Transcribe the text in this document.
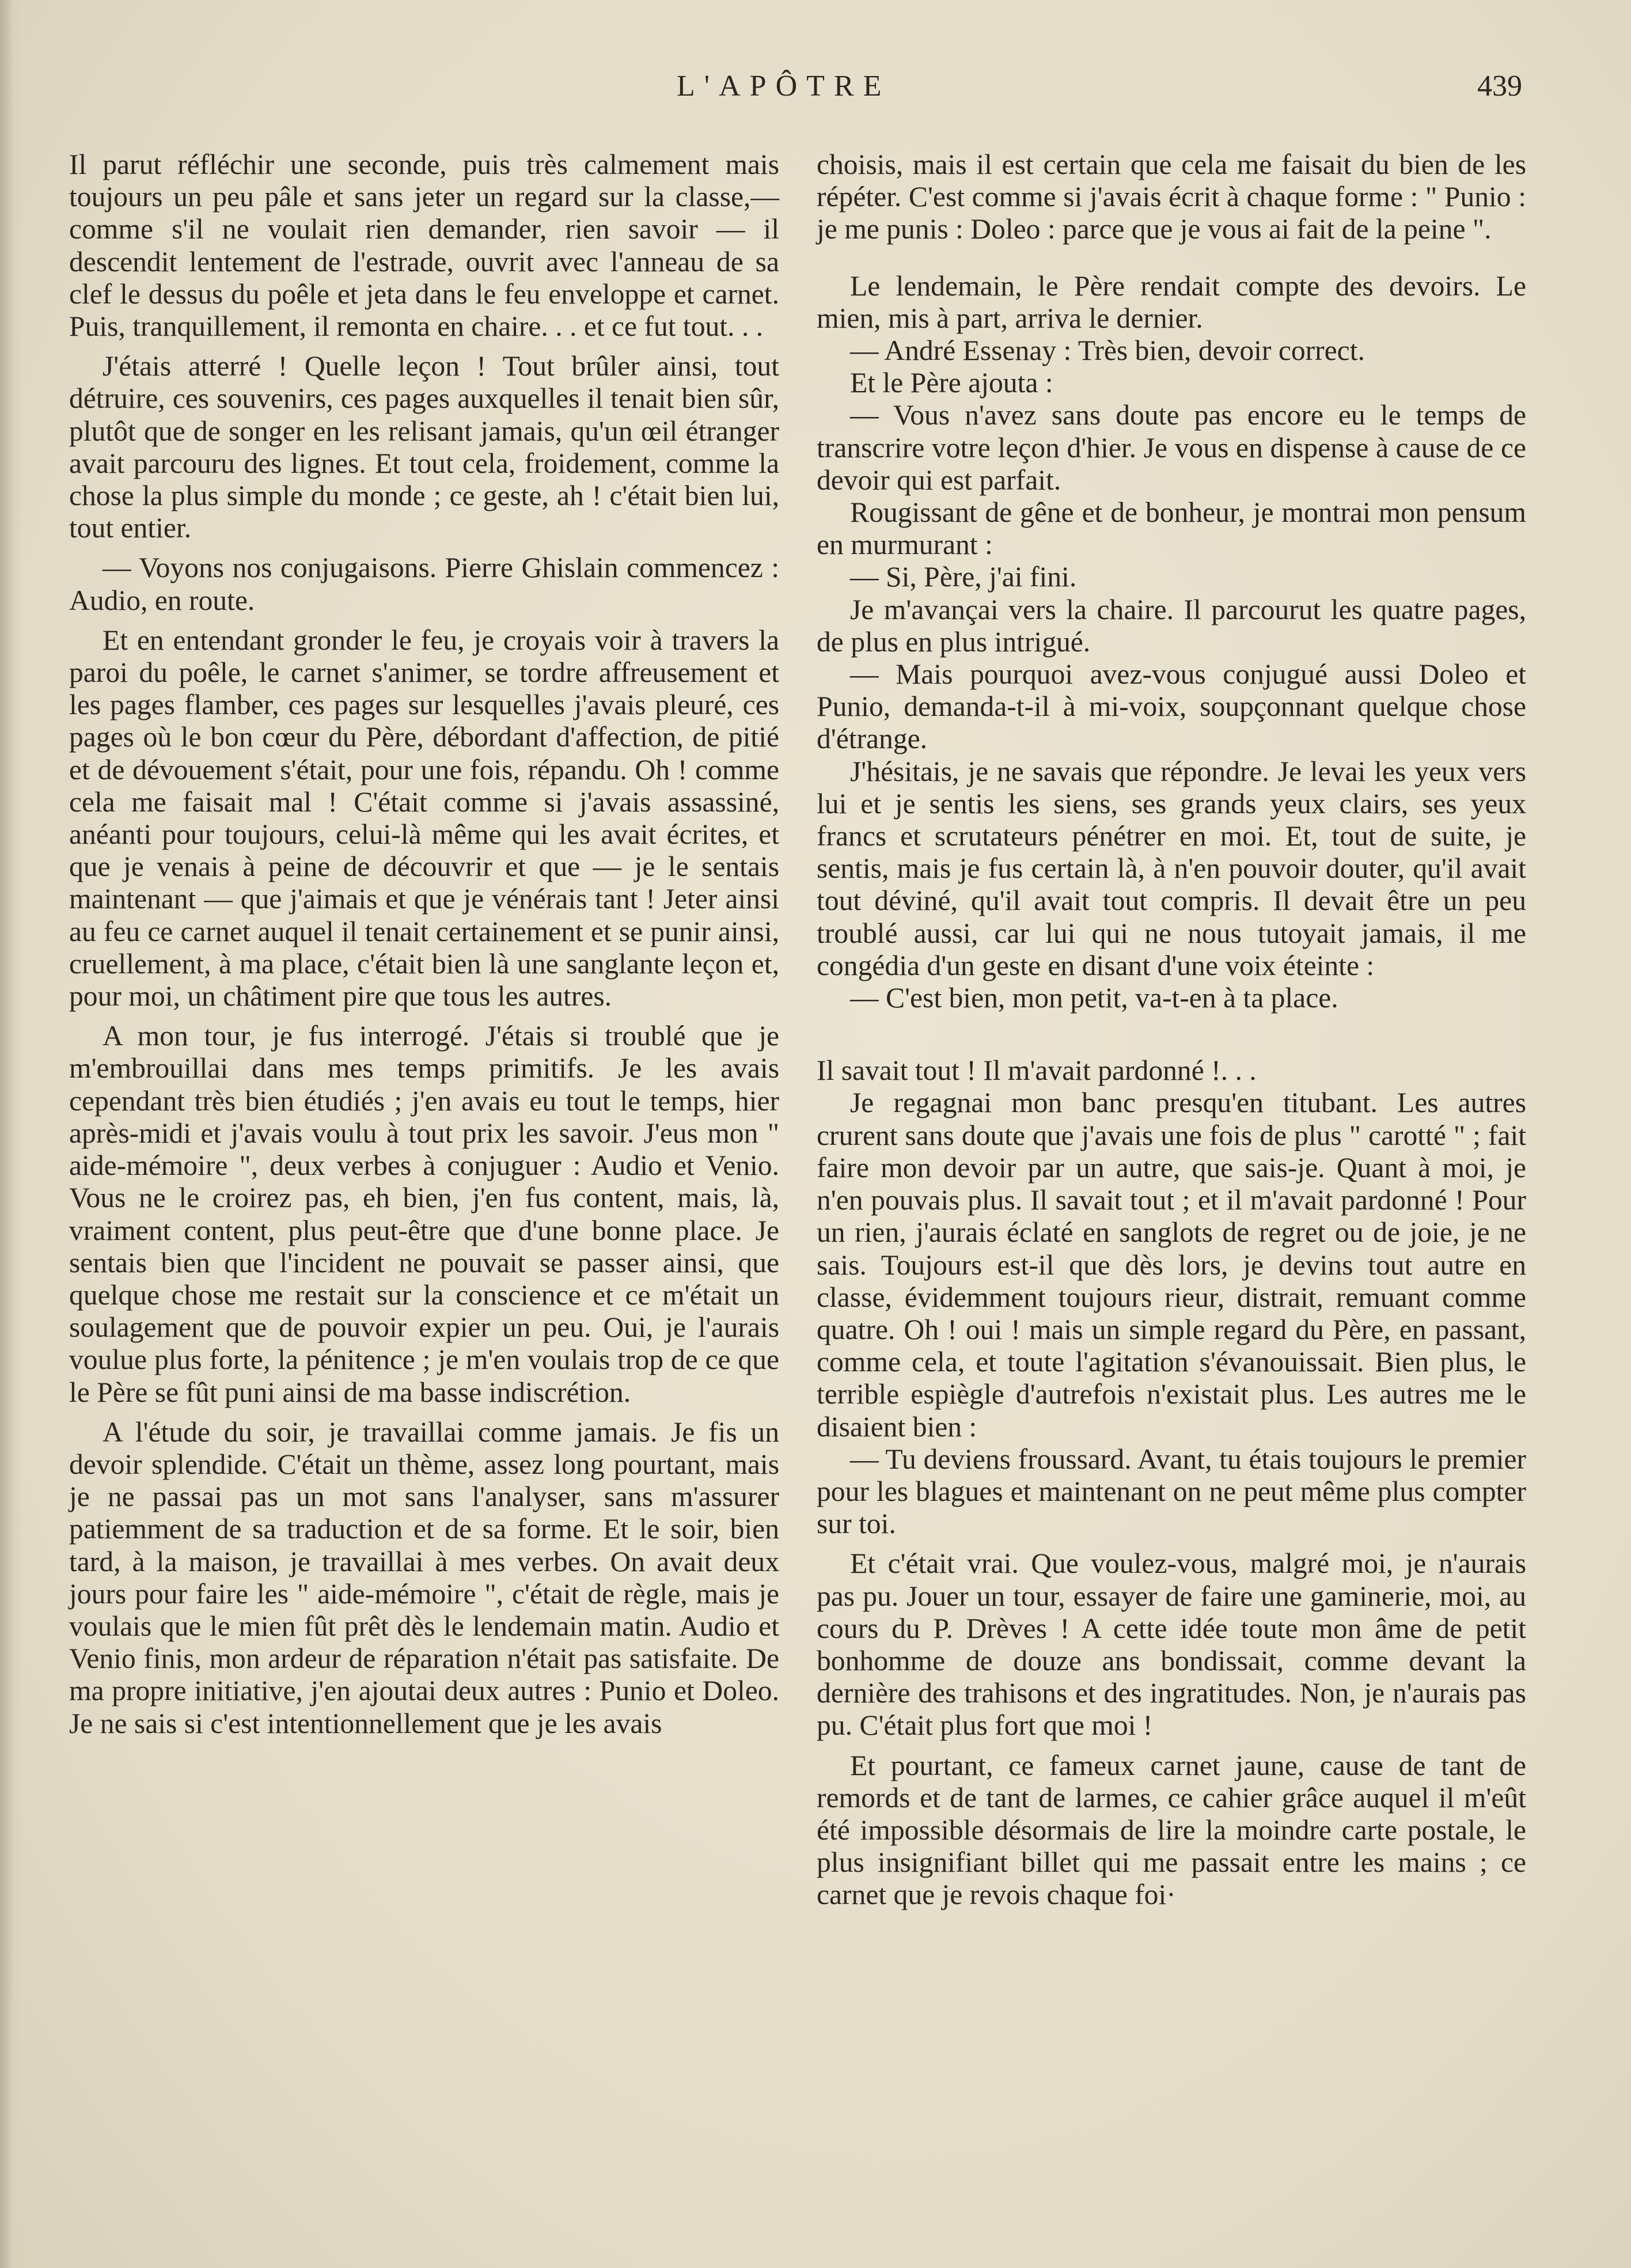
L'APÔTRE	439

Il parut réfléchir une seconde, puis très calmement mais toujours un peu pâle et sans jeter un regard sur la classe,— comme s'il ne voulait rien demander, rien savoir — il descendit lentement de l'estrade, ouvrit avec l'anneau de sa clef le dessus du poêle et jeta dans le feu enveloppe et carnet. Puis, tranquillement, il remonta en chaire. . . et ce fut tout. . .

J'étais atterré ! Quelle leçon ! Tout brûler ainsi, tout détruire, ces souvenirs, ces pages auxquelles il tenait bien sûr, plutôt que de songer en les relisant jamais, qu'un œil étranger avait parcouru des lignes. Et tout cela, froidement, comme la chose la plus simple du monde ; ce geste, ah ! c'était bien lui, tout entier.

— Voyons nos conjugaisons. Pierre Ghislain commencez : Audio, en route.

Et en entendant gronder le feu, je croyais voir à travers la paroi du poêle, le carnet s'animer, se tordre affreusement et les pages flamber, ces pages sur lesquelles j'avais pleuré, ces pages où le bon cœur du Père, débordant d'affection, de pitié et de dévouement s'était, pour une fois, répandu. Oh ! comme cela me faisait mal ! C'était comme si j'avais assassiné, anéanti pour toujours, celui-là même qui les avait écrites, et que je venais à peine de découvrir et que — je le sentais maintenant — que j'aimais et que je vénérais tant ! Jeter ainsi au feu ce carnet auquel il tenait certainement et se punir ainsi, cruellement, à ma place, c'était bien là une sanglante leçon et, pour moi, un châtiment pire que tous les autres.

A mon tour, je fus interrogé. J'étais si troublé que je m'embrouillai dans mes temps primitifs. Je les avais cependant très bien étudiés ; j'en avais eu tout le temps, hier après-midi et j'avais voulu à tout prix les savoir. J'eus mon " aide-mémoire ", deux verbes à conjuguer : Audio et Venio. Vous ne le croirez pas, eh bien, j'en fus content, mais, là, vraiment content, plus peut-être que d'une bonne place. Je sentais bien que l'incident ne pouvait se passer ainsi, que quelque chose me restait sur la conscience et ce m'était un soulagement que de pouvoir expier un peu. Oui, je l'aurais voulue plus forte, la pénitence ; je m'en voulais trop de ce que le Père se fût puni ainsi de ma basse indiscrétion.

A l'étude du soir, je travaillai comme jamais. Je fis un devoir splendide. C'était un thème, assez long pourtant, mais je ne passai pas un mot sans l'analyser, sans m'assurer patiemment de sa traduction et de sa forme. Et le soir, bien tard, à la maison, je travaillai à mes verbes. On avait deux jours pour faire les " aide-mémoire ", c'était de règle, mais je voulais que le mien fût prêt dès le lendemain matin. Audio et Venio finis, mon ardeur de réparation n'était pas satisfaite. De ma propre initiative, j'en ajoutai deux autres : Punio et Doleo. Je ne sais si c'est intentionnellement que je les avais

choisis, mais il est certain que cela me faisait du bien de les répéter. C'est comme si j'avais écrit à chaque forme : " Punio : je me punis : Doleo : parce que je vous ai fait de la peine ".

Le lendemain, le Père rendait compte des devoirs. Le mien, mis à part, arriva le dernier.

— André Essenay : Très bien, devoir correct.

Et le Père ajouta :

— Vous n'avez sans doute pas encore eu le temps de transcrire votre leçon d'hier. Je vous en dispense à cause de ce devoir qui est parfait.

Rougissant de gêne et de bonheur, je montrai mon pensum en murmurant :

— Si, Père, j'ai fini.

Je m'avançai vers la chaire. Il parcourut les quatre pages, de plus en plus intrigué.

— Mais pourquoi avez-vous conjugué aussi Doleo et Punio, demanda-t-il à mi-voix, soupçonnant quelque chose d'étrange.

J'hésitais, je ne savais que répondre. Je levai les yeux vers lui et je sentis les siens, ses grands yeux clairs, ses yeux francs et scrutateurs pénétrer en moi. Et, tout de suite, je sentis, mais je fus certain là, à n'en pouvoir douter, qu'il avait tout déviné, qu'il avait tout compris. Il devait être un peu troublé aussi, car lui qui ne nous tutoyait jamais, il me congédia d'un geste en disant d'une voix éteinte :

— C'est bien, mon petit, va-t-en à ta place.

Il savait tout ! Il m'avait pardonné !. . .

Je regagnai mon banc presqu'en titubant. Les autres crurent sans doute que j'avais une fois de plus " carotté " ; fait faire mon devoir par un autre, que sais-je. Quant à moi, je n'en pouvais plus. Il savait tout ; et il m'avait pardonné ! Pour un rien, j'aurais éclaté en sanglots de regret ou de joie, je ne sais. Toujours est-il que dès lors, je devins tout autre en classe, évidemment toujours rieur, distrait, remuant comme quatre. Oh ! oui ! mais un simple regard du Père, en passant, comme cela, et toute l'agitation s'évanouissait. Bien plus, le terrible espiègle d'autrefois n'existait plus. Les autres me le disaient bien :

— Tu deviens froussard. Avant, tu étais toujours le premier pour les blagues et maintenant on ne peut même plus compter sur toi.

Et c'était vrai. Que voulez-vous, malgré moi, je n'aurais pas pu. Jouer un tour, essayer de faire une gaminerie, moi, au cours du P. Drèves ! A cette idée toute mon âme de petit bonhomme de douze ans bondissait, comme devant la dernière des trahisons et des ingratitudes. Non, je n'aurais pas pu. C'était plus fort que moi !

Et pourtant, ce fameux carnet jaune, cause de tant de remords et de tant de larmes, ce cahier grâce auquel il m'eût été impossible désormais de lire la moindre carte postale, le plus insignifiant billet qui me passait entre les mains ; ce carnet que je revois chaque foi·
